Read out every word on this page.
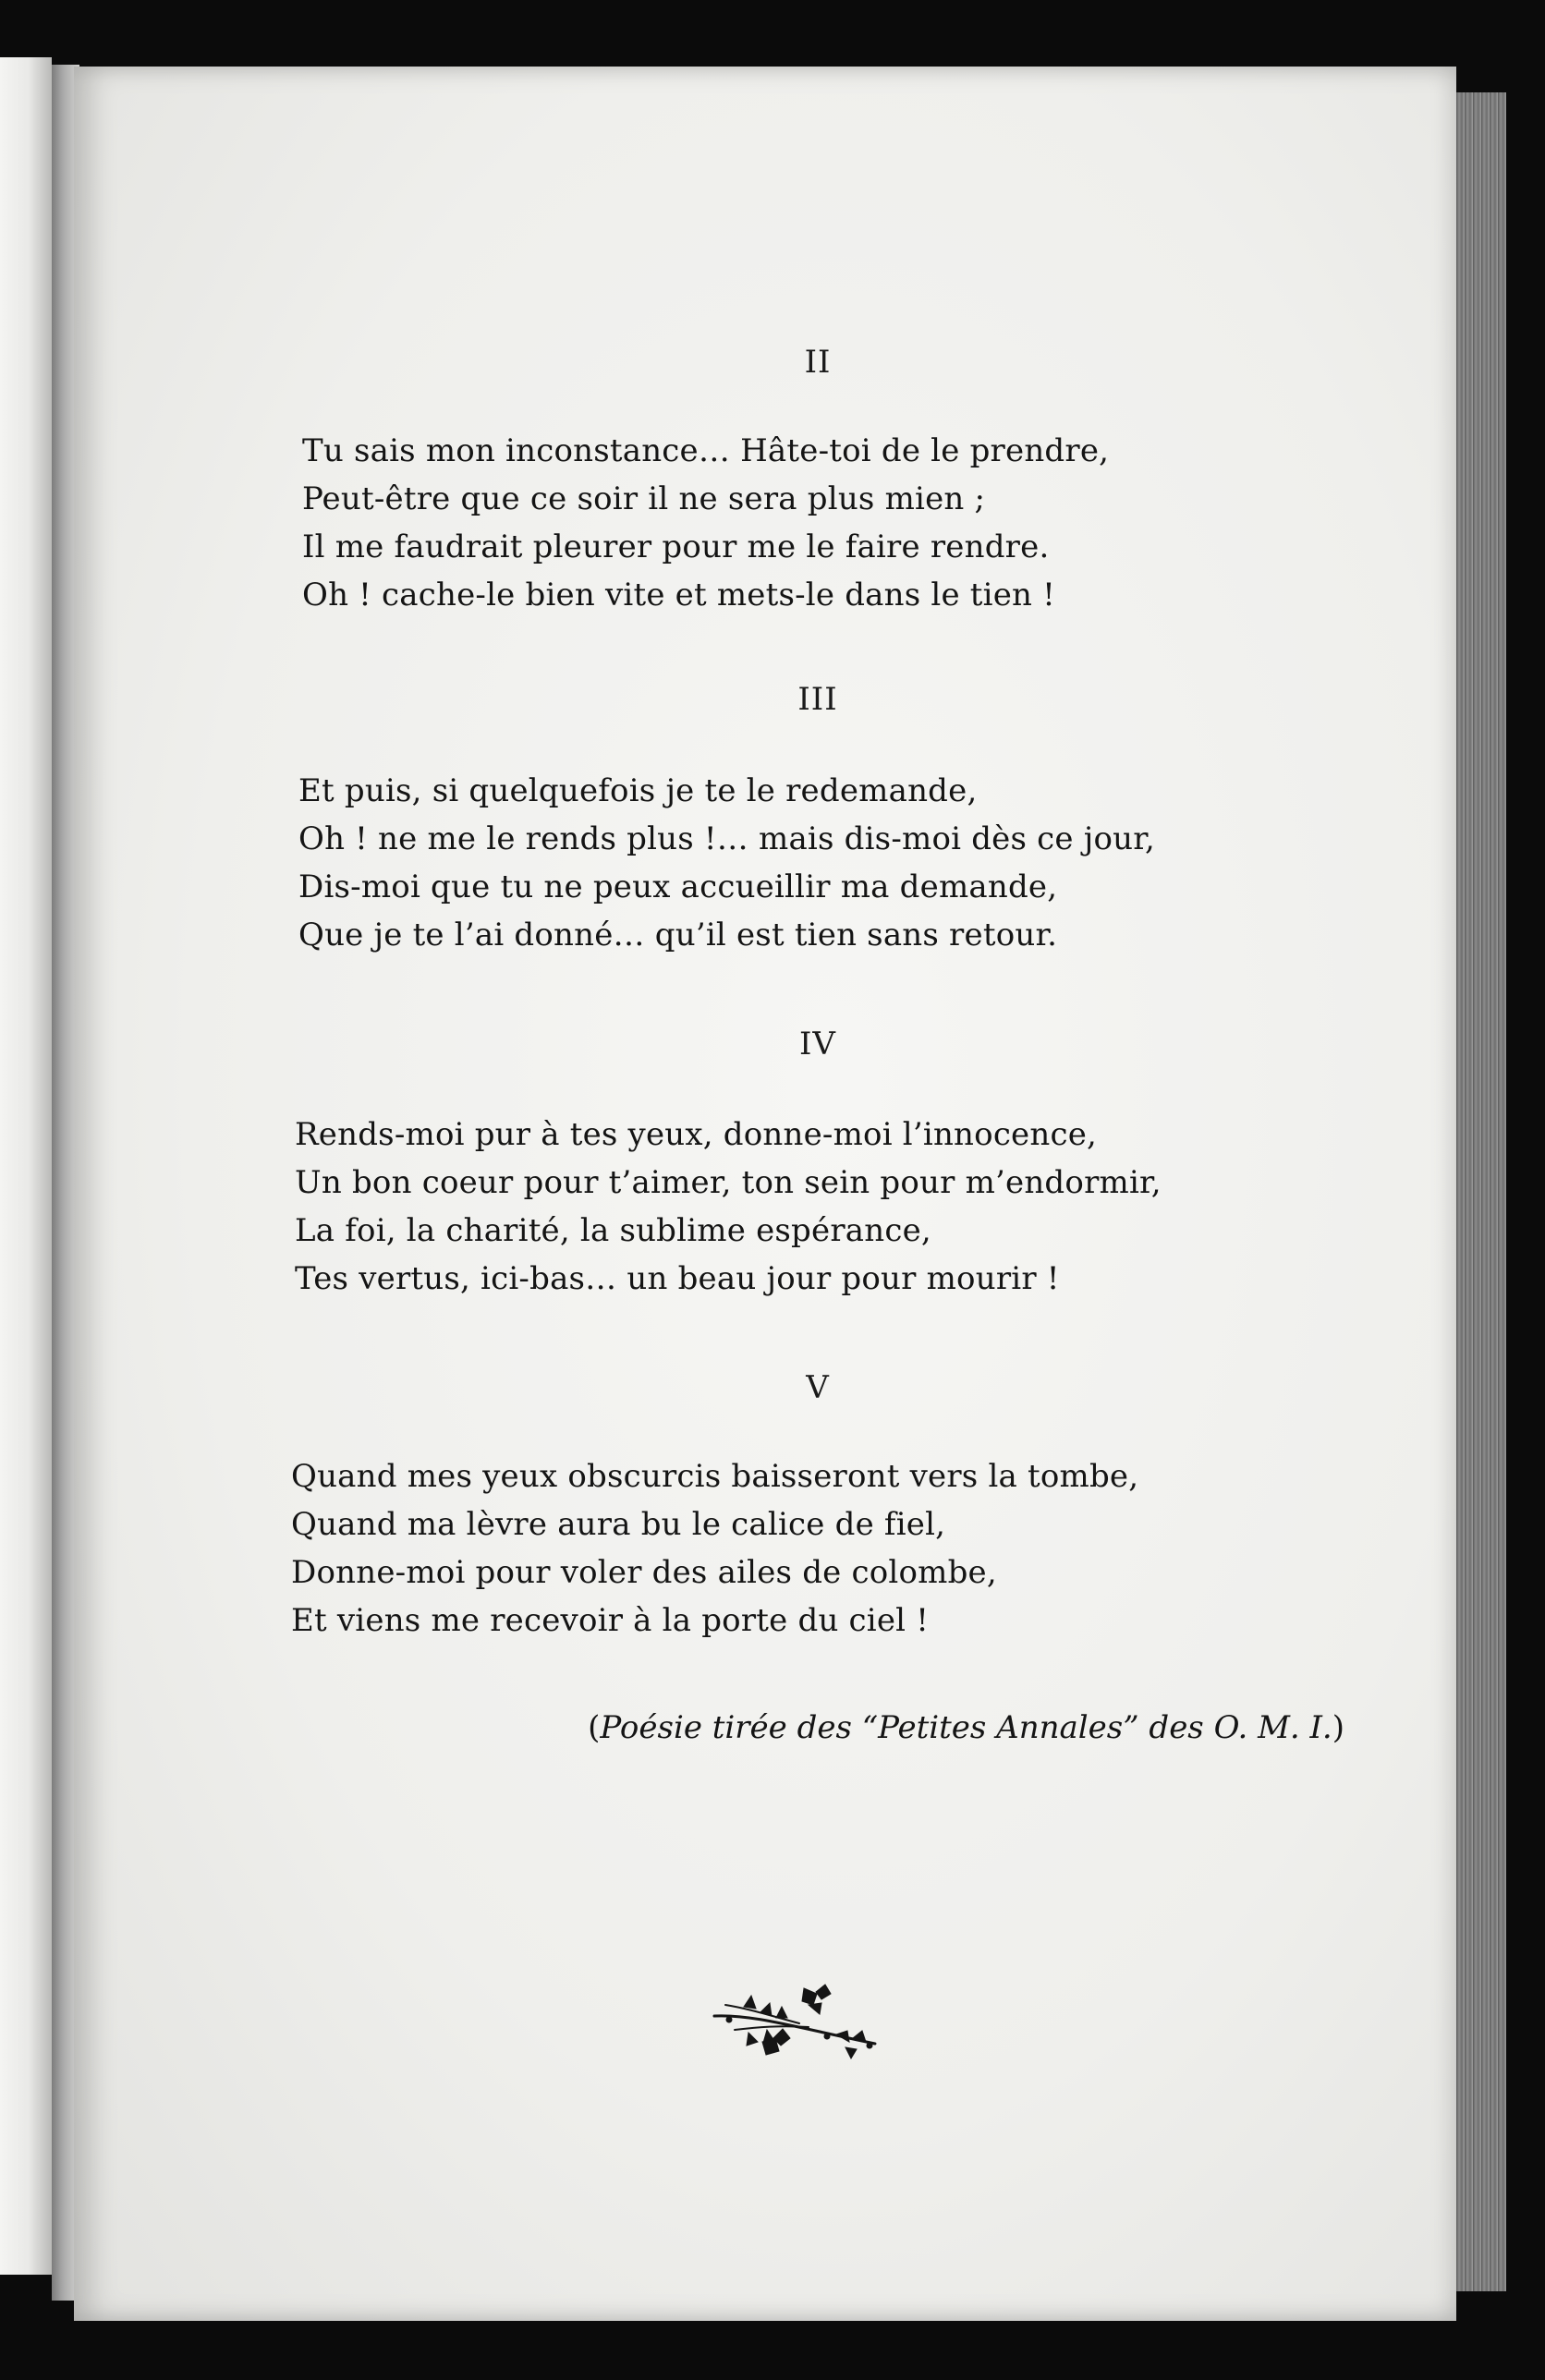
II
Tu sais mon inconstance… Hâte-toi de le prendre,
Peut-être que ce soir il ne sera plus mien ;
Il me faudrait pleurer pour me le faire rendre.
Oh ! cache-le bien vite et mets-le dans le tien !
III
Et puis, si quelquefois je te le redemande,
Oh ! ne me le rends plus !… mais dis-moi dès ce jour,
Dis-moi que tu ne peux accueillir ma demande,
Que je te l’ai donné… qu’il est tien sans retour.
IV
Rends-moi pur à tes yeux, donne-moi l’innocence,
Un bon coeur pour t’aimer, ton sein pour m’endormir,
La foi, la charité, la sublime espérance,
Tes vertus, ici-bas… un beau jour pour mourir !
V
Quand mes yeux obscurcis baisseront vers la tombe,
Quand ma lèvre aura bu le calice de fiel,
Donne-moi pour voler des ailes de colombe,
Et viens me recevoir à la porte du ciel !
(Poésie tirée des “Petites Annales” des O. M. I.)
